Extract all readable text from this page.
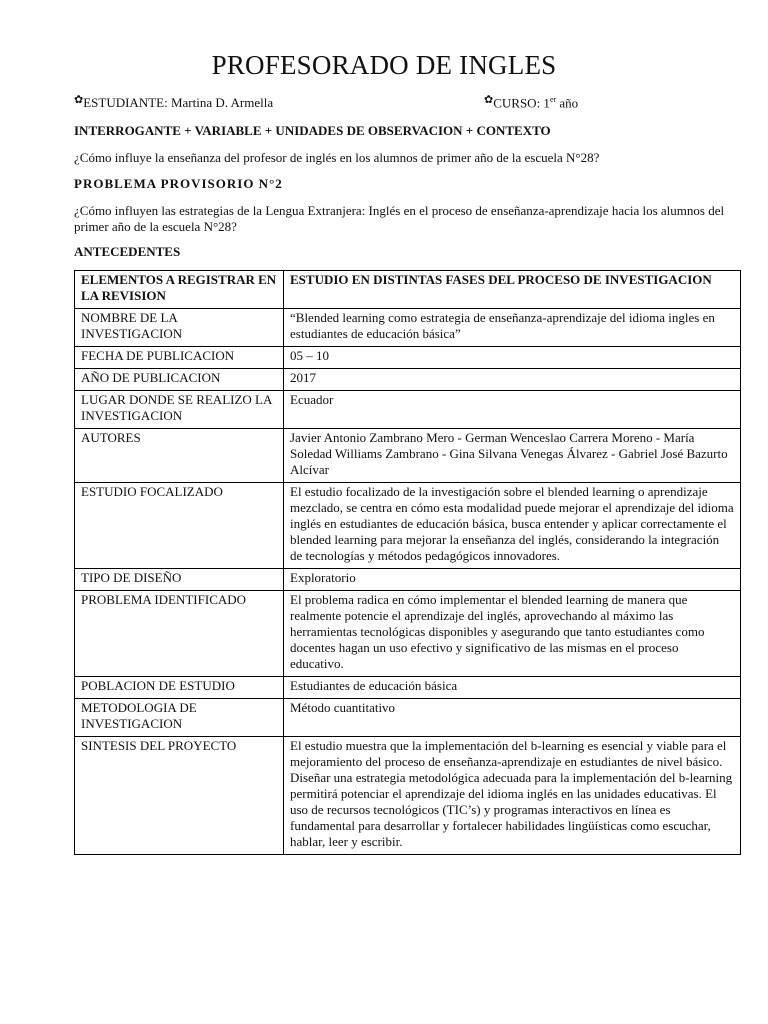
PROFESORADO DE INGLES
✿ ESTUDIANTE: Martina D. Armella	✿ CURSO: 1er año
INTERROGANTE + VARIABLE + UNIDADES DE OBSERVACION + CONTEXTO
¿Cómo influye la enseñanza del profesor de inglés en los alumnos de primer año de la escuela N°28?
PROBLEMA PROVISORIO N°2
¿Cómo influyen las estrategias de la Lengua Extranjera: Inglés en el proceso de enseñanza-aprendizaje hacia los alumnos del primer año de la escuela N°28?
ANTECEDENTES
ELEMENTOS A REGISTRAR EN LA REVISION	ESTUDIO EN DISTINTAS FASES DEL PROCESO DE INVESTIGACION
NOMBRE DE LA INVESTIGACION	“Blended learning como estrategia de enseñanza-aprendizaje del idioma ingles en estudiantes de educación básica”
FECHA DE PUBLICACION	05 – 10
AÑO DE PUBLICACION	2017
LUGAR DONDE SE REALIZO LA INVESTIGACION	Ecuador
AUTORES	Javier Antonio Zambrano Mero - German Wenceslao Carrera Moreno - María Soledad Williams Zambrano - Gina Silvana Venegas Álvarez - Gabriel José Bazurto Alcívar
ESTUDIO FOCALIZADO	El estudio focalizado de la investigación sobre el blended learning o aprendizaje mezclado, se centra en cómo esta modalidad puede mejorar el aprendizaje del idioma inglés en estudiantes de educación básica, busca entender y aplicar correctamente el blended learning para mejorar la enseñanza del inglés, considerando la integración de tecnologías y métodos pedagógicos innovadores.
TIPO DE DISEÑO	Exploratorio
PROBLEMA IDENTIFICADO	El problema radica en cómo implementar el blended learning de manera que realmente potencie el aprendizaje del inglés, aprovechando al máximo las herramientas tecnológicas disponibles y asegurando que tanto estudiantes como docentes hagan un uso efectivo y significativo de las mismas en el proceso educativo.
POBLACION DE ESTUDIO	Estudiantes de educación básica
METODOLOGIA DE INVESTIGACION	Método cuantitativo
SINTESIS DEL PROYECTO	El estudio muestra que la implementación del b-learning es esencial y viable para el mejoramiento del proceso de enseñanza-aprendizaje en estudiantes de nivel básico. Diseñar una estrategia metodológica adecuada para la implementación del b-learning permitirá potenciar el aprendizaje del idioma inglés en las unidades educativas. El uso de recursos tecnológicos (TIC’s) y programas interactivos en línea es fundamental para desarrollar y fortalecer habilidades lingüísticas como escuchar, hablar, leer y escribir.
